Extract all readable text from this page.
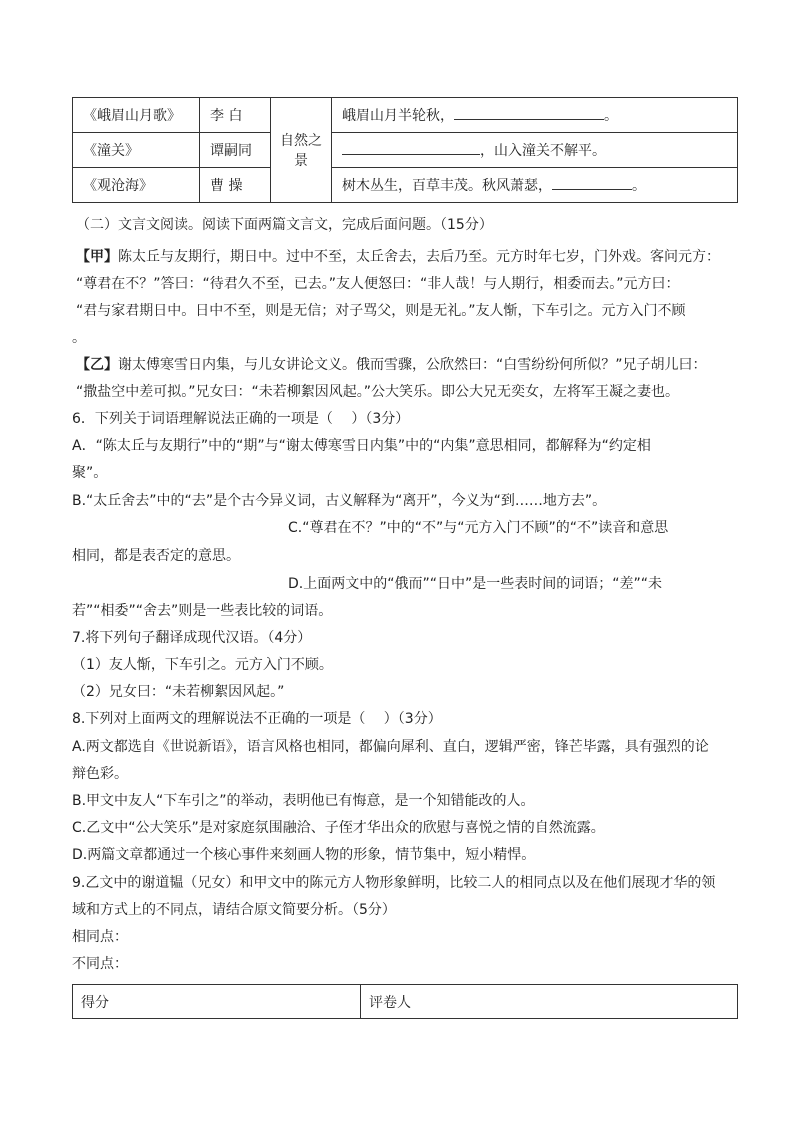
《峨眉山月歌》	李 白	自然之景	峨眉山月半轮秋， 。
《潼关》	谭嗣同		，山入潼关不解平。
《观沧海》	曹 操		树木丛生，百草丰茂。秋风萧瑟， 。
（二）文言文阅读。阅读下面两篇文言文，完成后面问题。（15分）
【甲】陈太丘与友期行，期日中。过中不至，太丘舍去，去后乃至。元方时年七岁，门外戏。客问元方：
“尊君在不？”答曰：“待君久不至，已去。”友人便怒曰：“非人哉！与人期行，相委而去。”元方曰：
“君与家君期日中。日中不至，则是无信；对子骂父，则是无礼。”友人惭，下车引之。元方入门不顾
。
【乙】谢太傅寒雪日内集，与儿女讲论文义。俄而雪骤，公欣然曰：“白雪纷纷何所似？”兄子胡儿曰：
“撒盐空中差可拟。”兄女曰：“未若柳絮因风起。”公大笑乐。即公大兄无奕女，左将军王凝之妻也。
6．下列关于词语理解说法正确的一项是（　 ）（3分）
A．“陈太丘与友期行”中的“期”与“谢太傅寒雪日内集”中的“内集”意思相同，都解释为“约定相
聚”。
B.“太丘舍去”中的“去”是个古今异义词，古义解释为“离开”，今义为“到……地方去”。
C.“尊君在不？”中的“不”与“元方入门不顾”的“不”读音和意思
相同，都是表否定的意思。
D.上面两文中的“俄而”“日中”是一些表时间的词语；“差”“未
若”“相委”“舍去”则是一些表比较的词语。
7.将下列句子翻译成现代汉语。（4分）
（1）友人惭，下车引之。元方入门不顾。
（2）兄女曰：“未若柳絮因风起。”
8.下列对上面两文的理解说法不正确的一项是（　 ）（3分）
A.两文都选自《世说新语》，语言风格也相同，都偏向犀利、直白，逻辑严密，锋芒毕露，具有强烈的论
辩色彩。
B.甲文中友人“下车引之”的举动，表明他已有悔意，是一个知错能改的人。
C.乙文中“公大笑乐”是对家庭氛围融洽、子侄才华出众的欣慰与喜悦之情的自然流露。
D.两篇文章都通过一个核心事件来刻画人物的形象，情节集中，短小精悍。
9.乙文中的谢道韫（兄女）和甲文中的陈元方人物形象鲜明，比较二人的相同点以及在他们展现才华的领
域和方式上的不同点，请结合原文简要分析。（5分）
相同点：
不同点：
得分	评卷人
